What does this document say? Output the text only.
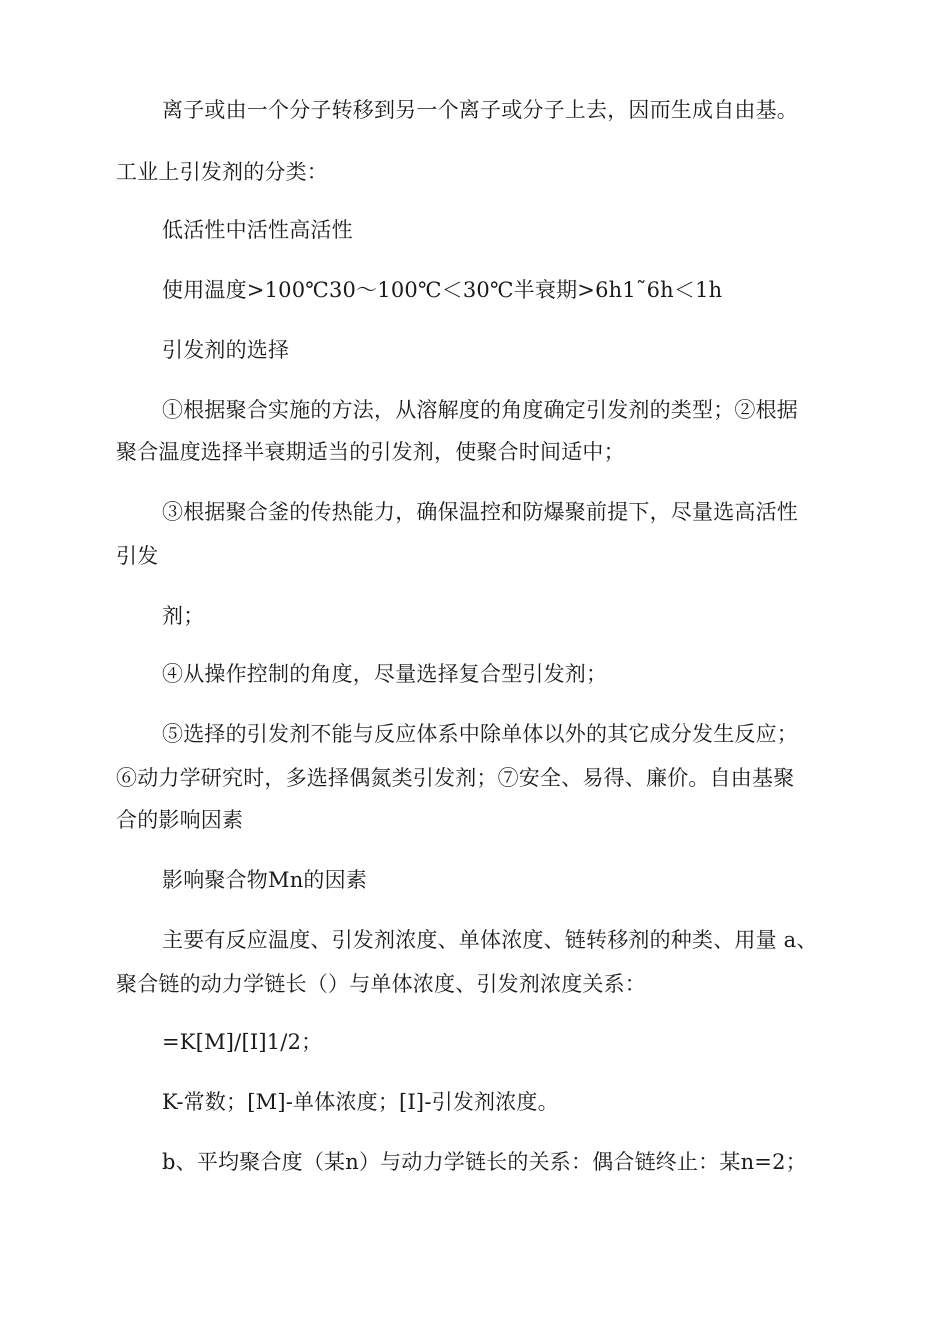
离子或由一个分子转移到另一个离子或分子上去，因而生成自由基。
工业上引发剂的分类：
低活性中活性高活性
使用温度>100℃30～100℃＜30℃半衰期>6h1˜6h＜1h
引发剂的选择
①根据聚合实施的方法，从溶解度的角度确定引发剂的类型；②根据
聚合温度选择半衰期适当的引发剂，使聚合时间适中；
③根据聚合釜的传热能力，确保温控和防爆聚前提下，尽量选高活性
引发
剂；
④从操作控制的角度，尽量选择复合型引发剂；
⑤选择的引发剂不能与反应体系中除单体以外的其它成分发生反应；
⑥动力学研究时，多选择偶氮类引发剂；⑦安全、易得、廉价。自由基聚
合的影响因素
影响聚合物Mn的因素
主要有反应温度、引发剂浓度、单体浓度、链转移剂的种类、用量 a、
聚合链的动力学链长（）与单体浓度、引发剂浓度关系：
=K[M]/[I]1/2；
K-常数；[M]-单体浓度；[I]-引发剂浓度。
b、平均聚合度（某n）与动力学链长的关系：偶合链终止：某n=2；
